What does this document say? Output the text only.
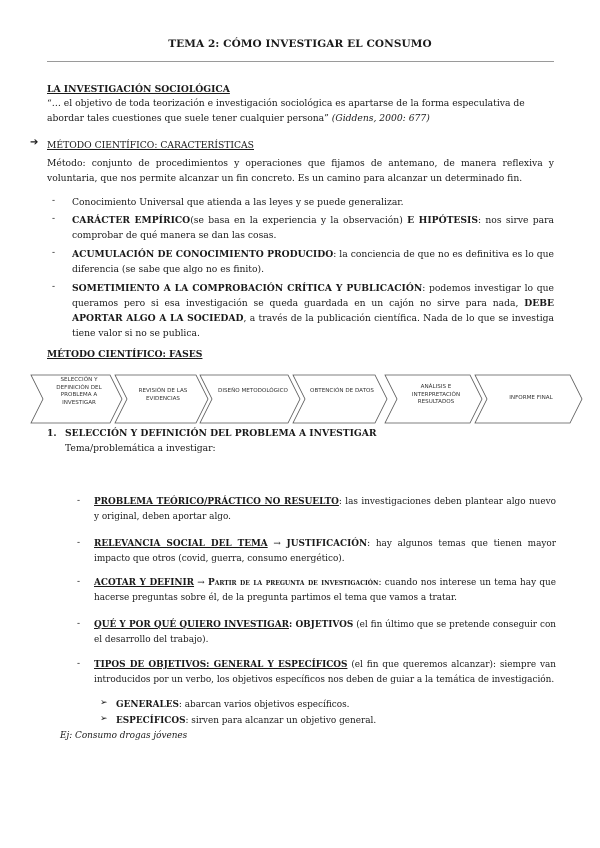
TEMA 2: CÓMO INVESTIGAR EL CONSUMO
LA INVESTIGACIÓN SOCIOLÓGICA
“… el objetivo de toda teorización e investigación sociológica es apartarse de la forma especulativa de abordar tales cuestiones que suele tener cualquier persona” (Giddens, 2000: 677)
➔ MÉTODO CIENTÍFICO: CARACTERÍSTICAS
Método: conjunto de procedimientos y operaciones que fijamos de antemano, de manera reflexiva y voluntaria, que nos permite alcanzar un fin concreto. Es un camino para alcanzar un determinado fin.
- Conocimiento Universal que atienda a las leyes y se puede generalizar.
- CARÁCTER EMPÍRICO(se basa en la experiencia y la observación) E HIPÓTESIS: nos sirve para comprobar de qué manera se dan las cosas.
- ACUMULACIÓN DE CONOCIMIENTO PRODUCIDO: la conciencia de que no es definitiva es lo que diferencia (se sabe que algo no es finito).
- SOMETIMIENTO A LA COMPROBACIÓN CRÍTICA Y PUBLICACIÓN: podemos investigar lo que queramos pero si esa investigación se queda guardada en un cajón no sirve para nada, DEBE APORTAR ALGO A LA SOCIEDAD, a través de la publicación científica. Nada de lo que se investiga tiene valor si no se publica.
MÉTODO CIENTÍFICO: FASES
SELECCIÓN Y DEFINICIÓN DEL PROBLEMA A INVESTIGAR
REVISIÓN DE LAS EVIDENCIAS
DISEÑO METODOLÓGICO	OBTENCIÓN DE DATOS
ANÁLISIS E INTERPRETACIÓN RESULTADOS
INFORME FINAL
1. SELECCIÓN Y DEFINICIÓN DEL PROBLEMA A INVESTIGAR
Tema/problemática a investigar:
- PROBLEMA TEÓRICO/PRÁCTICO NO RESUELTO: las investigaciones deben plantear algo nuevo y original, deben aportar algo.
- RELEVANCIA SOCIAL DEL TEMA → JUSTIFICACIÓN: hay algunos temas que tienen mayor impacto que otros (covid, guerra, consumo energético).
- ACOTAR Y DEFINIR → Partir de la pregunta de investigación: cuando nos interese un tema hay que hacerse preguntas sobre él, de la pregunta partimos el tema que vamos a tratar.
- QUÉ Y POR QUÉ QUIERO INVESTIGAR: OBJETIVOS (el fin último que se pretende conseguir con el desarrollo del trabajo).
- TIPOS DE OBJETIVOS: GENERAL Y ESPECÍFICOS (el fin que queremos alcanzar): siempre van introducidos por un verbo, los objetivos específicos nos deben de guiar a la temática de investigación.
➢ GENERALES: abarcan varios objetivos específicos.
➢ ESPECÍFICOS: sirven para alcanzar un objetivo general.
Ej: Consumo drogas jóvenes
